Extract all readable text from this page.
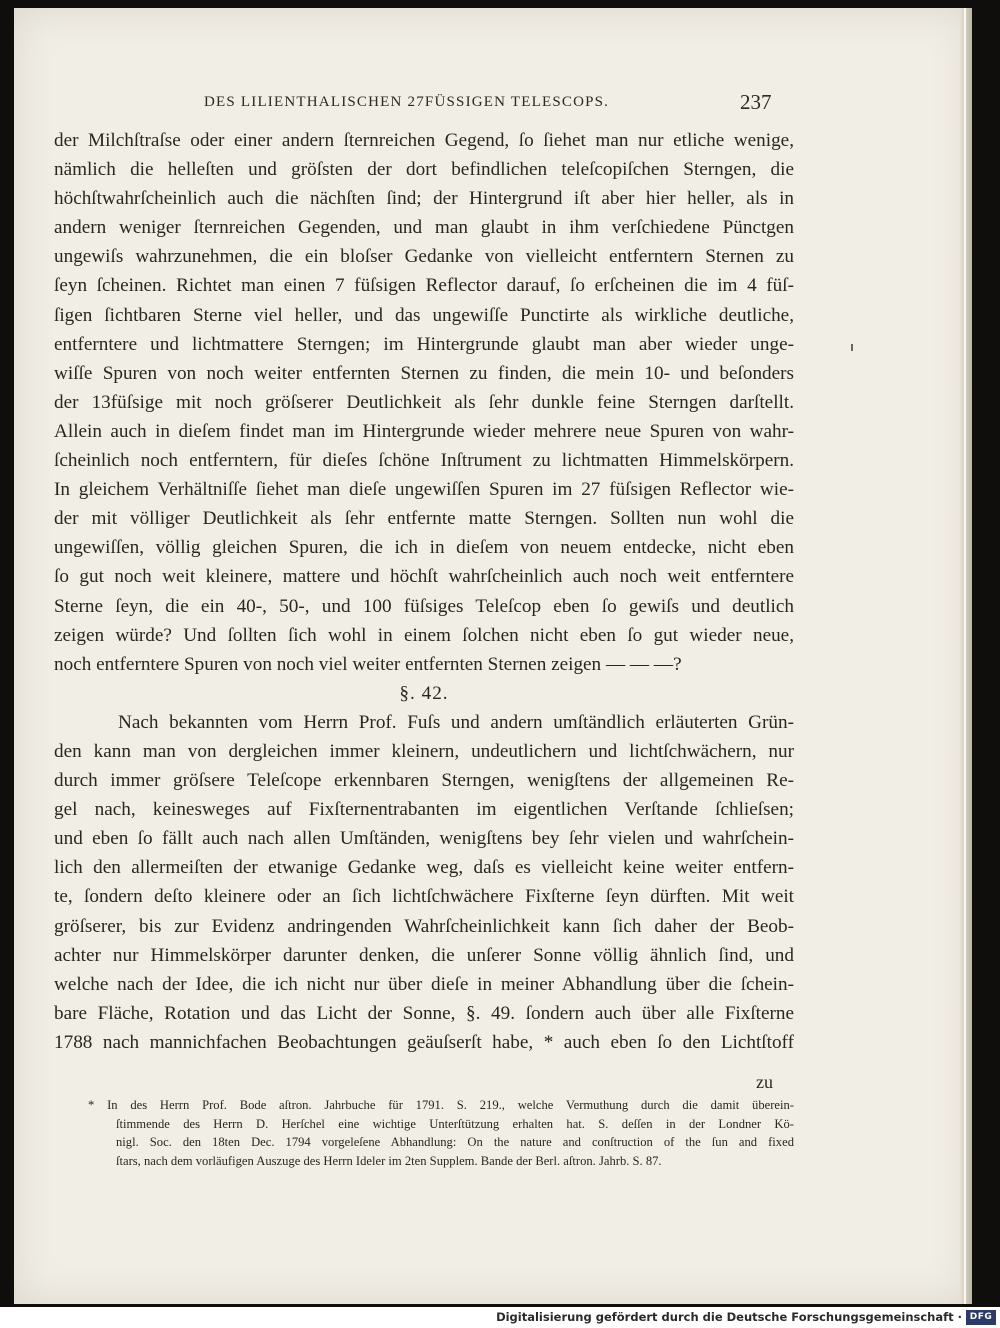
DES LILIENTHALISCHEN 27FÜSSIGEN TELESCOPS.	237
der Milchſtraſse oder einer andern ſternreichen Gegend, ſo ſiehet man nur etliche wenige,
nämlich die helleſten und gröſsten der dort befindlichen teleſcopiſchen Sterngen, die
höchſtwahrſcheinlich auch die nächſten ſind; der Hintergrund iſt aber hier heller, als in
andern weniger ſternreichen Gegenden, und man glaubt in ihm verſchiedene Pünctgen
ungewiſs wahrzunehmen, die ein bloſser Gedanke von vielleicht entferntern Sternen zu
ſeyn ſcheinen. Richtet man einen 7 füſsigen Reflector darauf, ſo erſcheinen die im 4 füſ-
ſigen ſichtbaren Sterne viel heller, und das ungewiſſe Punctirte als wirkliche deutliche,
entferntere und lichtmattere Sterngen; im Hintergrunde glaubt man aber wieder unge-
wiſſe Spuren von noch weiter entfernten Sternen zu finden, die mein 10- und beſonders
der 13füſsige mit noch gröſserer Deutlichkeit als ſehr dunkle feine Sterngen darſtellt.
Allein auch in dieſem findet man im Hintergrunde wieder mehrere neue Spuren von wahr-
ſcheinlich noch entferntern, für dieſes ſchöne Inſtrument zu lichtmatten Himmelskörpern.
In gleichem Verhältniſſe ſiehet man dieſe ungewiſſen Spuren im 27 füſsigen Reflector wie-
der mit völliger Deutlichkeit als ſehr entfernte matte Sterngen. Sollten nun wohl die
ungewiſſen, völlig gleichen Spuren, die ich in dieſem von neuem entdecke, nicht eben
ſo gut noch weit kleinere, mattere und höchſt wahrſcheinlich auch noch weit entferntere
Sterne ſeyn, die ein 40-, 50-, und 100 füſsiges Teleſcop eben ſo gewiſs und deutlich
zeigen würde? Und ſollten ſich wohl in einem ſolchen nicht eben ſo gut wieder neue,
noch entferntere Spuren von noch viel weiter entfernten Sternen zeigen — — —?
§. 42.
Nach bekannten vom Herrn Prof. Fuſs und andern umſtändlich erläuterten Grün-
den kann man von dergleichen immer kleinern, undeutlichern und lichtſchwächern, nur
durch immer gröſsere Teleſcope erkennbaren Sterngen, wenigſtens der allgemeinen Re-
gel nach, keinesweges auf Fixſternentrabanten im eigentlichen Verſtande ſchlieſsen;
und eben ſo fällt auch nach allen Umſtänden, wenigſtens bey ſehr vielen und wahrſchein-
lich den allermeiſten der etwanige Gedanke weg, daſs es vielleicht keine weiter entfern-
te, ſondern deſto kleinere oder an ſich lichtſchwächere Fixſterne ſeyn dürften. Mit weit
gröſserer, bis zur Evidenz andringenden Wahrſcheinlichkeit kann ſich daher der Beob-
achter nur Himmelskörper darunter denken, die unſerer Sonne völlig ähnlich ſind, und
welche nach der Idee, die ich nicht nur über dieſe in meiner Abhandlung über die ſchein-
bare Fläche, Rotation und das Licht der Sonne, §. 49. ſondern auch über alle Fixſterne
1788 nach mannichfachen Beobachtungen geäuſserſt habe, * auch eben ſo den Lichtſtoff
zu
* In des Herrn Prof. Bode aſtron. Jahrbuche für 1791. S. 219., welche Vermuthung durch die damit überein-
ſtimmende des Herrn D. Herſchel eine wichtige Unterſtützung erhalten hat. S. deſſen in der Londner Kö-
nigl. Soc. den 18ten Dec. 1794 vorgeleſene Abhandlung: On the nature and conſtruction of the ſun and fixed
ſtars, nach dem vorläufigen Auszuge des Herrn Ideler im 2ten Supplem. Bande der Berl. aſtron. Jahrb. S. 87.
Digitalisierung gefördert durch die Deutsche Forschungsgemeinschaft · DFG
